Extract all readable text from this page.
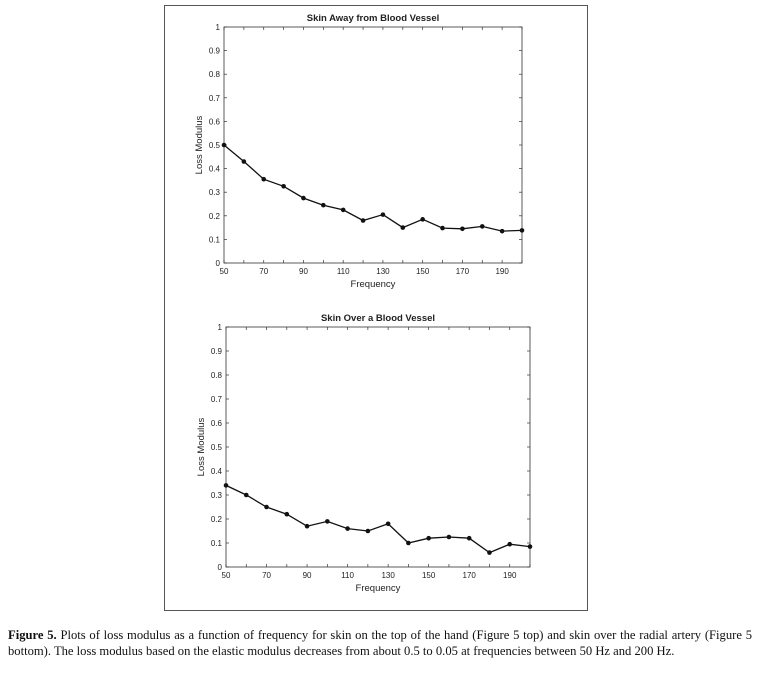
0
0.1
0.2
0.3
0.4
0.5
0.6
0.7
0.8
0.9
1
50	70	90	110	130	150	170	190
Skin Away from Blood Vessel
Frequency
Loss Modulus
0
0.1
0.2
0.3
0.4
0.5
0.6
0.7
0.8
0.9
1
50	70	90	110	130	150	170	190
Skin Over a Blood Vessel
Frequency
Loss Modulus
Figure 5. Plots of loss modulus as a function of frequency for skin on the top of the hand (Figure 5 top) and skin over the radial artery (Figure 5 bottom). The loss modulus based on the elastic modulus decreases from about 0.5 to 0.05 at frequencies between 50 Hz and 200 Hz.
